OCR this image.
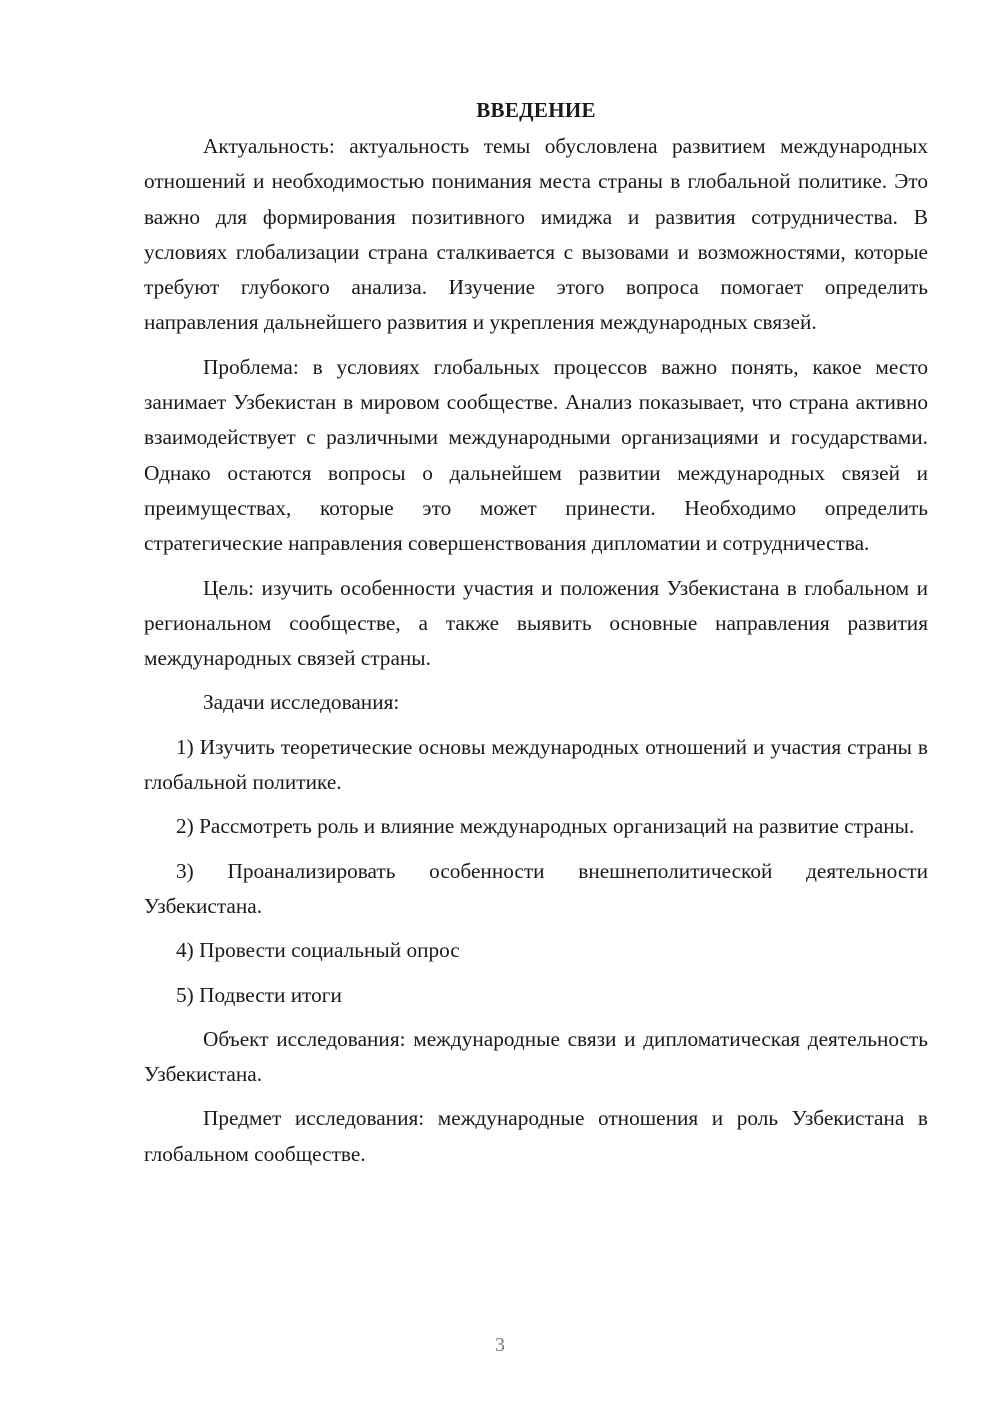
ВВЕДЕНИЕ

Актуальность: актуальность темы обусловлена развитием международных отношений и необходимостью понимания места страны в глобальной политике. Это важно для формирования позитивного имиджа и развития сотрудничества. В условиях глобализации страна сталкивается с вызовами и возможностями, которые требуют глубокого анализа. Изучение этого вопроса помогает определить направления дальнейшего развития и укрепления международных связей.

Проблема: в условиях глобальных процессов важно понять, какое место занимает Узбекистан в мировом сообществе. Анализ показывает, что страна активно взаимодействует с различными международными организациями и государствами. Однако остаются вопросы о дальнейшем развитии международных связей и преимуществах, которые это может принести. Необходимо определить стратегические направления совершенствования дипломатии и сотрудничества.

Цель: изучить особенности участия и положения Узбекистана в глобальном и региональном сообществе, а также выявить основные направления развития международных связей страны.

Задачи исследования:

1) Изучить теоретические основы международных отношений и участия страны в глобальной политике.

2) Рассмотреть роль и влияние международных организаций на развитие страны.

3) Проанализировать особенности внешнеполитической деятельности Узбекистана.

4) Провести социальный опрос

5) Подвести итоги

Объект исследования: международные связи и дипломатическая деятельность Узбекистана.

Предмет исследования: международные отношения и роль Узбекистана в глобальном сообществе.

3
